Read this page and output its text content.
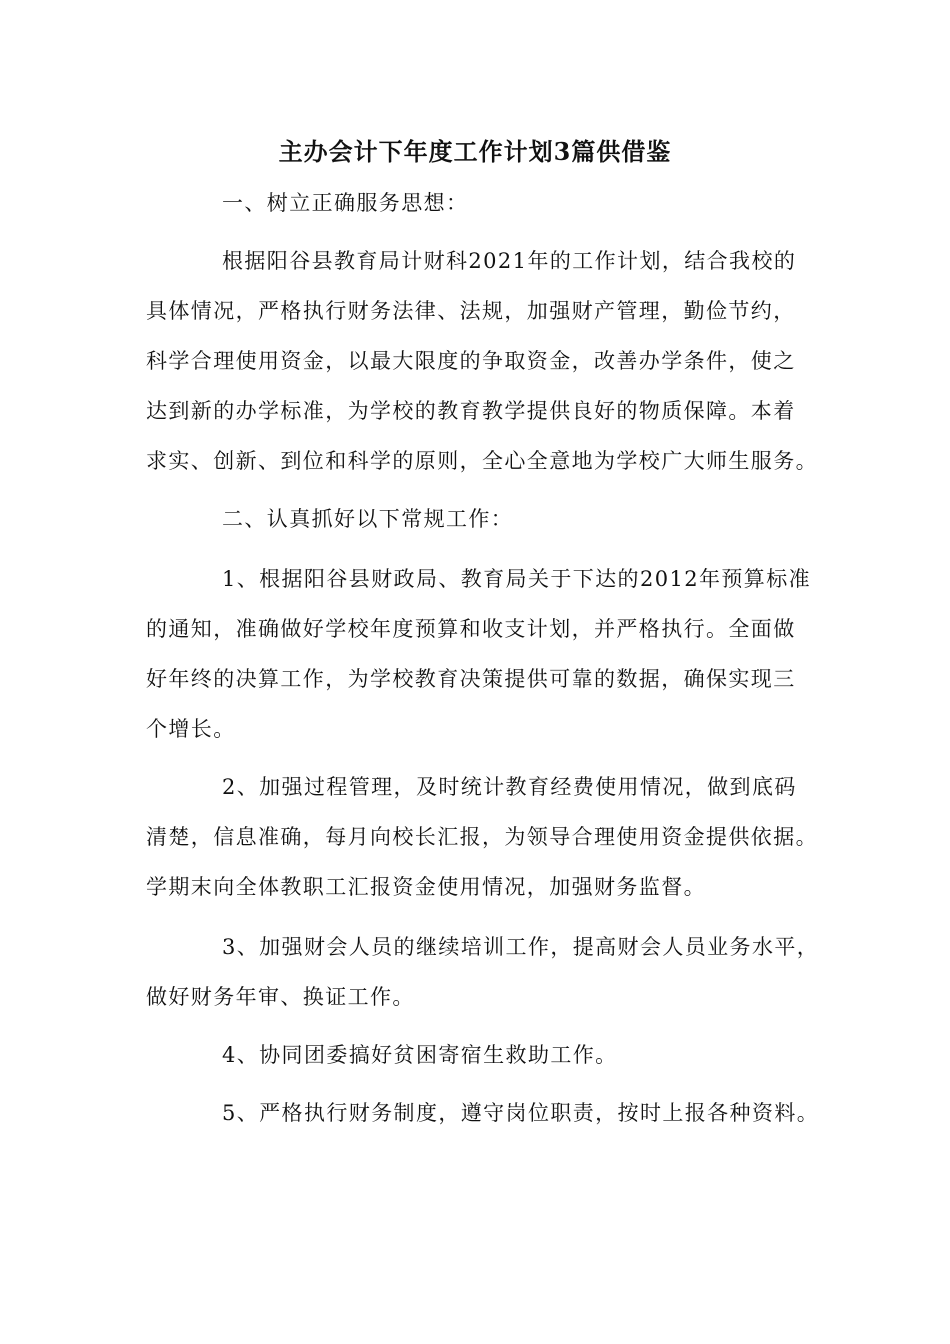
主办会计下年度工作计划3篇供借鉴
一、树立正确服务思想：
根据阳谷县教育局计财科2021年的工作计划，结合我校的
具体情况，严格执行财务法律、法规，加强财产管理，勤俭节约，
科学合理使用资金，以最大限度的争取资金，改善办学条件，使之
达到新的办学标准，为学校的教育教学提供良好的物质保障。本着
求实、创新、到位和科学的原则，全心全意地为学校广大师生服务。
二、认真抓好以下常规工作：
1、根据阳谷县财政局、教育局关于下达的2012年预算标准
的通知，准确做好学校年度预算和收支计划，并严格执行。全面做
好年终的决算工作，为学校教育决策提供可靠的数据，确保实现三
个增长。
2、加强过程管理，及时统计教育经费使用情况，做到底码
清楚，信息准确，每月向校长汇报，为领导合理使用资金提供依据。
学期末向全体教职工汇报资金使用情况，加强财务监督。
3、加强财会人员的继续培训工作，提高财会人员业务水平，
做好财务年审、换证工作。
4、协同团委搞好贫困寄宿生救助工作。
5、严格执行财务制度，遵守岗位职责，按时上报各种资料。
